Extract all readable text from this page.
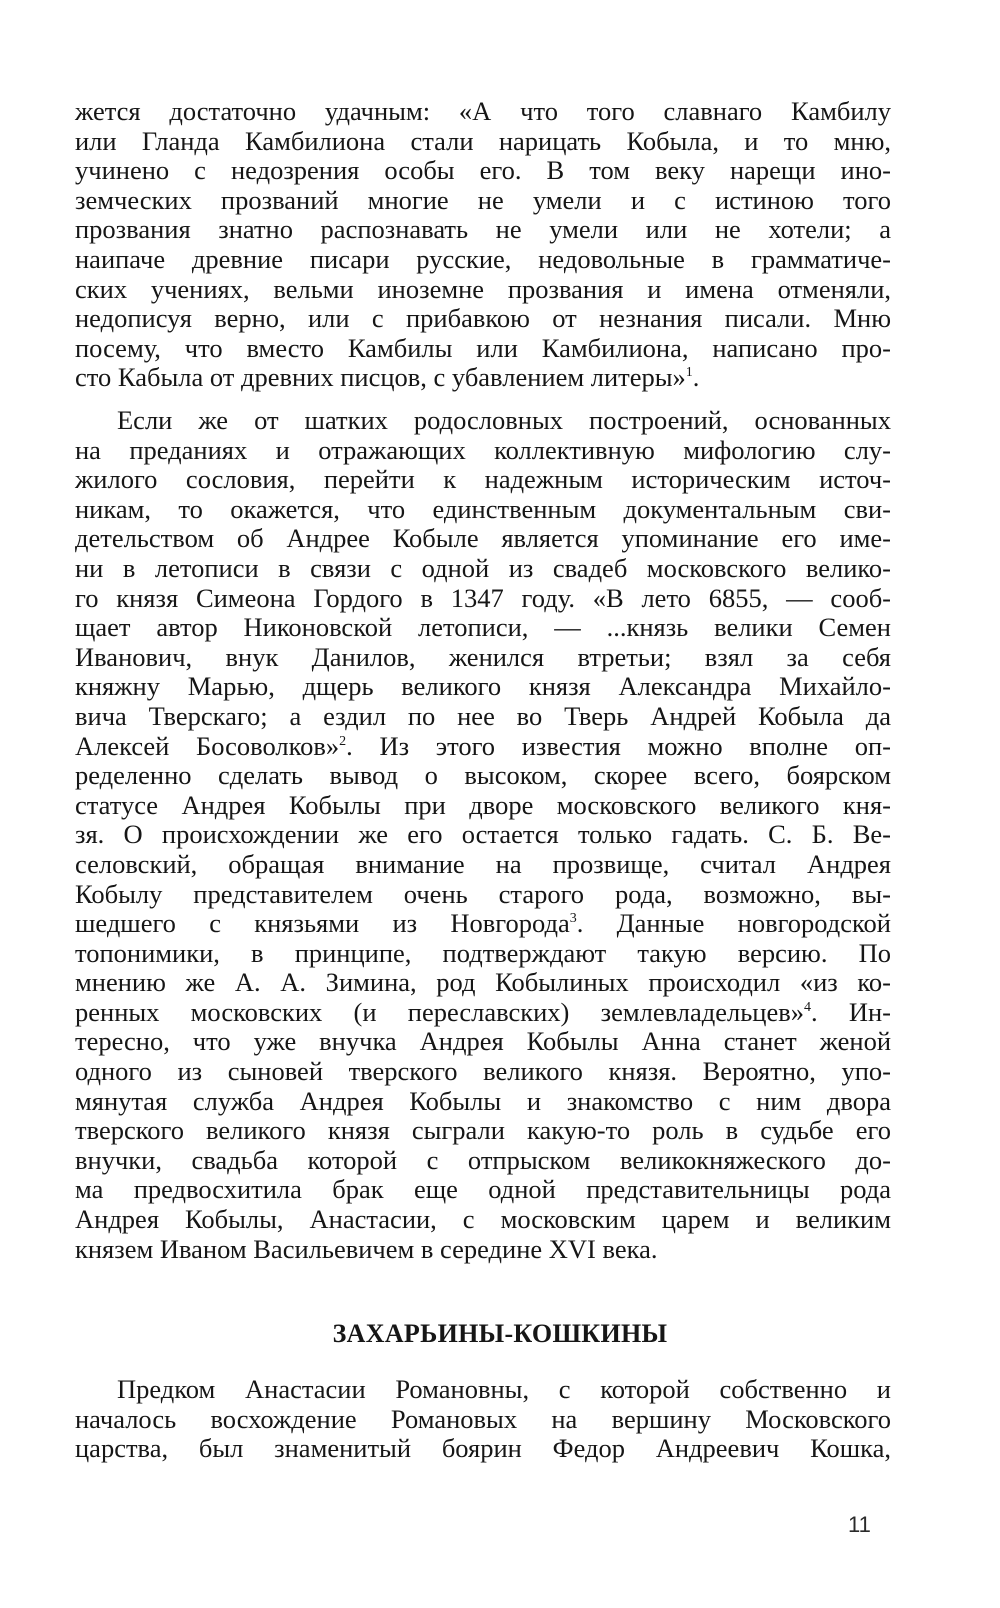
жется достаточно удачным: «А что того славнаго Камбилу
или Гланда Камбилиона стали нарицать Кобыла, и то мню,
учинено с недозрения особы его. В том веку нарещи ино-
земческих прозваний многие не умели и с истиною того
прозвания знатно распознавать не умели или не хотели; а
наипаче древние писари русские, недовольные в грамматиче-
ских учениях, вельми иноземне прозвания и имена отменяли,
недописуя верно, или с прибавкою от незнания писали. Мню
посему, что вместо Камбилы или Камбилиона, написано про-
сто Кабыла от древних писцов, с убавлением литеры»$^1$.
Если же от шатких родословных построений, основанных
на преданиях и отражающих коллективную мифологию слу-
жилого сословия, перейти к надежным историческим источ-
никам, то окажется, что единственным документальным сви-
детельством об Андрее Кобыле является упоминание его име-
ни в летописи в связи с одной из свадеб московского велико-
го князя Симеона Гордого в 1347 году. «В лето 6855, — сооб-
щает автор Никоновской летописи, — ...князь велики Семен
Иванович, внук Данилов, женился втретьи; взял за себя
княжну Марью, дщерь великого князя Александра Михайло-
вича Тверскаго; а ездил по нее во Тверь Андрей Кобыла да
Алексей Босоволков»$^2$. Из этого известия можно вполне оп-
ределенно сделать вывод о высоком, скорее всего, боярском
статусе Андрея Кобылы при дворе московского великого кня-
зя. О происхождении же его остается только гадать. С. Б. Ве-
селовский, обращая внимание на прозвище, считал Андрея
Кобылу представителем очень старого рода, возможно, вы-
шедшего с князьями из Новгорода$^3$. Данные новгородской
топонимики, в принципе, подтверждают такую версию. По
мнению же А. А. Зимина, род Кобылиных происходил «из ко-
ренных московских (и переславских) землевладельцев»$^4$. Ин-
тересно, что уже внучка Андрея Кобылы Анна станет женой
одного из сыновей тверского великого князя. Вероятно, упо-
мянутая служба Андрея Кобылы и знакомство с ним двора
тверского великого князя сыграли какую-то роль в судьбе его
внучки, свадьба которой с отпрыском великокняжеского до-
ма предвосхитила брак еще одной представительницы рода
Андрея Кобылы, Анастасии, с московским царем и великим
князем Иваном Васильевичем в середине XVI века.
ЗАХАРЬИНЫ-КОШКИНЫ
Предком Анастасии Романовны, с которой собственно и
началось восхождение Романовых на вершину Московского
царства, был знаменитый боярин Федор Андреевич Кошка,
11
